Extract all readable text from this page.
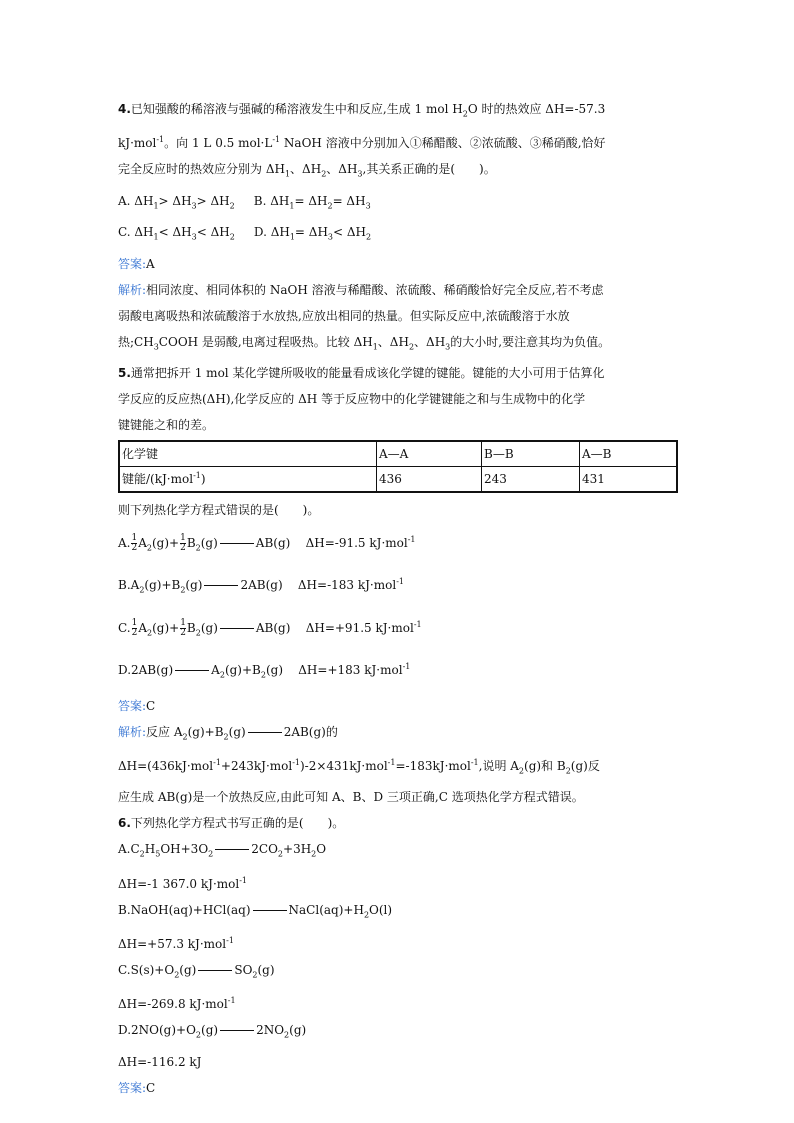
4.已知强酸的稀溶液与强碱的稀溶液发生中和反应,生成 1 mol $H_2O$ 时的热效应 ΔH=-57.3
kJ·mol$^{-1}$。向 1 L 0.5 $mol\cdot L^{-1}$ NaOH 溶液中分别加入①稀醋酸、②浓硫酸、③稀硝酸,恰好
完全反应时的热效应分别为 $\Delta H_1$、$\Delta H_2$、$\Delta H_3$,其关系正确的是(　　)。
A. $\Delta H_1> \Delta H_3> \Delta H_2$ B. $\Delta H_1= \Delta H_2= \Delta H_3$
C. $\Delta H_1< \Delta H_3< \Delta H_2$ D. $\Delta H_1= \Delta H_3< \Delta H_2$
答案:A
解析:相同浓度、相同体积的 NaOH 溶液与稀醋酸、浓硫酸、稀硝酸恰好完全反应,若不考虑
弱酸电离吸热和浓硫酸溶于水放热,应放出相同的热量。但实际反应中,浓硫酸溶于水放
热$;CH_3COOH$ 是弱酸,电离过程吸热。比较 $\Delta H_1$、$\Delta H_2$、$\Delta H_3$的大小时,要注意其均为负值。
5.通常把拆开 1 mol 某化学键所吸收的能量看成该化学键的键能。键能的大小可用于估算化
学反应的反应热(ΔH),化学反应的 ΔH 等于反应物中的化学键键能之和与生成物中的化学
键键能之和的差。
化学键	A—A	B—B	A—B
键能/(kJ·mol$^{-1}$)	436	243	431
则下列热化学方程式错误的是(　　)。
A. $\frac{1}{2} A_2(g)+ \frac{1}{2} B_2(g)$	AB(g)    ΔH=-91.5 kJ·mol$^{-1}$
$B.A_2(g)+B_2(g)$	2AB(g)    ΔH=-183 kJ·mol$^{-1}$
C. $\frac{1}{2} A_2(g)+ \frac{1}{2} B_2(g)$	AB(g)    ΔH=+91.5 kJ·mol$^{-1}$
D.2AB(g)	$A_2(g)+B_2(g)$    ΔH=+183 kJ·mol$^{-1}$
答案:C
解析:反应 $A_2(g)+B_2(g)$	2AB(g)的
ΔH=(436kJ·mol$^{-1}$+243kJ·mol$^{-1}$)-2×431kJ·mol$^{-1}$=-183kJ·mol$^{-1}$,说明 $A_2(g)$和 $B_2(g)$反
应生成 AB(g)是一个放热反应,由此可知 A、B、D 三项正确,C 选项热化学方程式错误。
6.下列热化学方程式书写正确的是(　　)。
$A.C_2H_5OH+3O_2$	$2CO_2+3H_2O$
ΔH=-1 367.0 kJ·mol$^{-1}$
B.NaOH(aq)+HCl(aq)	$NaCl(aq)+H_2O(l)$
ΔH=+57.3 kJ·mol$^{-1}$
$C.S(s)+O_2(g)$	$SO_2(g)$
ΔH=-269.8 kJ·mol$^{-1}$
$D.2NO(g)+O_2(g)$	$2NO_2(g)$
ΔH=-116.2 kJ
答案:C
